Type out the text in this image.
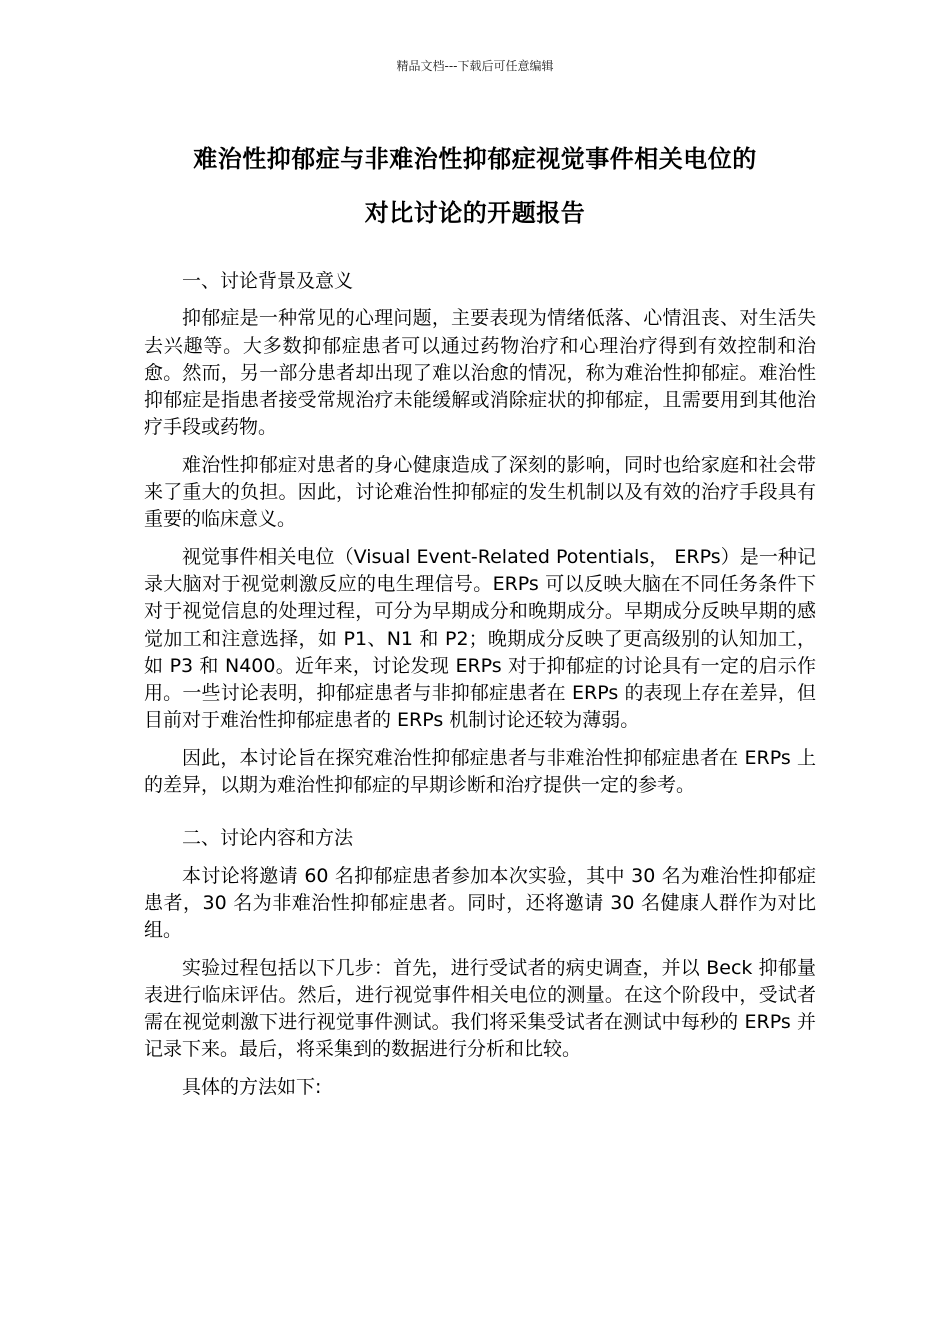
精品文档---下载后可任意编辑
难治性抑郁症与非难治性抑郁症视觉事件相关电位的
对比讨论的开题报告

一、讨论背景及意义

抑郁症是一种常见的心理问题，主要表现为情绪低落、心情沮丧、对生活失去兴趣等。大多数抑郁症患者可以通过药物治疗和心理治疗得到有效控制和治愈。然而，另一部分患者却出现了难以治愈的情况，称为难治性抑郁症。难治性抑郁症是指患者接受常规治疗未能缓解或消除症状的抑郁症，且需要用到其他治疗手段或药物。

难治性抑郁症对患者的身心健康造成了深刻的影响，同时也给家庭和社会带来了重大的负担。因此，讨论难治性抑郁症的发生机制以及有效的治疗手段具有重要的临床意义。

视觉事件相关电位（Visual Event-Related Potentials， ERPs）是一种记录大脑对于视觉刺激反应的电生理信号。ERPs 可以反映大脑在不同任务条件下对于视觉信息的处理过程，可分为早期成分和晚期成分。早期成分反映早期的感觉加工和注意选择，如 P1、N1 和 P2；晚期成分反映了更高级别的认知加工，如 P3 和 N400。近年来，讨论发现 ERPs 对于抑郁症的讨论具有一定的启示作用。一些讨论表明，抑郁症患者与非抑郁症患者在 ERPs 的表现上存在差异，但目前对于难治性抑郁症患者的 ERPs 机制讨论还较为薄弱。

因此，本讨论旨在探究难治性抑郁症患者与非难治性抑郁症患者在 ERPs 上的差异，以期为难治性抑郁症的早期诊断和治疗提供一定的参考。

二、讨论内容和方法

本讨论将邀请 60 名抑郁症患者参加本次实验，其中 30 名为难治性抑郁症患者，30 名为非难治性抑郁症患者。同时，还将邀请 30 名健康人群作为对比组。

实验过程包括以下几步：首先，进行受试者的病史调查，并以 Beck 抑郁量表进行临床评估。然后，进行视觉事件相关电位的测量。在这个阶段中，受试者需在视觉刺激下进行视觉事件测试。我们将采集受试者在测试中每秒的 ERPs 并记录下来。最后，将采集到的数据进行分析和比较。

具体的方法如下:
